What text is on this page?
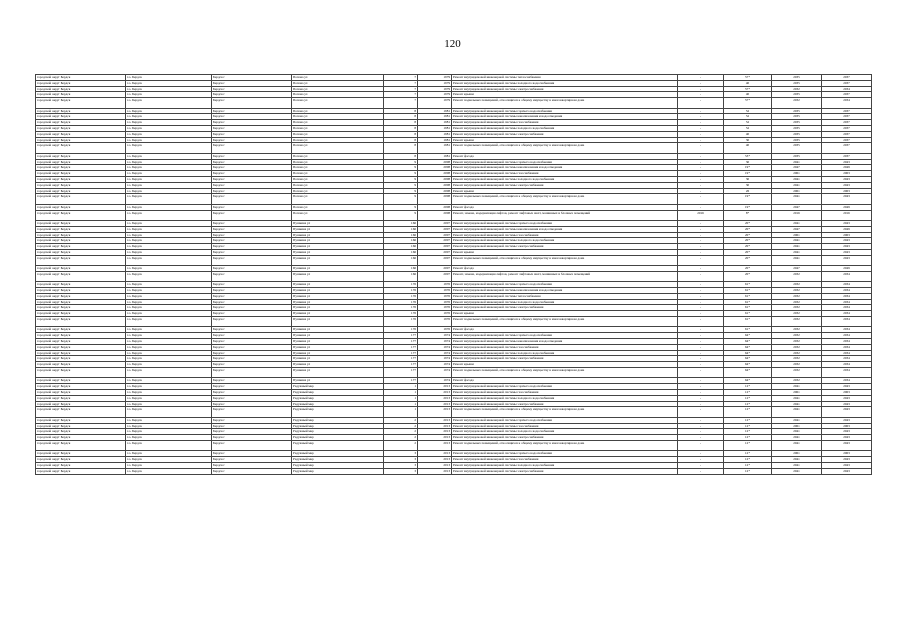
120
городской округ Бердск	г.о. Бердск	Бердск г	Попова ул	7	1979	Ремонт внутридомовой инженерной системы теплоснабжения	-	57*	2035	2037
городской округ Бердск	г.о. Бердск	Бердск г	Попова ул	7	1979	Ремонт внутридомовой инженерной системы холодного водоснабжения	-	40	2035	2037
городской округ Бердск	г.о. Бердск	Бердск г	Попова ул	7	1979	Ремонт внутридомовой инженерной системы электроснабжения	-	57*	2032	2034
городской округ Бердск	г.о. Бердск	Бердск г	Попова ул	7	1979	Ремонт крыши	-	40	2035	2037
городской округ Бердск	г.о. Бердск	Бердск г	Попова ул	7	1979	Ремонт подвальных помещений, относящихся к общему имуществу в многоквартирном доме	-	57*	2032	2034
городской округ Бердск	г.о. Бердск	Бердск г	Попова ул	8	1981	Ремонт внутридомовой инженерной системы горячего водоснабжения	-	52	2035	2037
городской округ Бердск	г.о. Бердск	Бердск г	Попова ул	8	1981	Ремонт внутридомовой инженерной системы канализования и водоотведения	-	52	2035	2037
городской округ Бердск	г.о. Бердск	Бердск г	Попова ул	8	1981	Ремонт внутридомовой инженерной системы газоснабжения	-	52	2035	2037
городской округ Бердск	г.о. Бердск	Бердск г	Попова ул	8	1981	Ремонт внутридомовой инженерной системы холодного водоснабжения	-	52	2035	2037
городской округ Бердск	г.о. Бердск	Бердск г	Попова ул	8	1981	Ремонт внутридомовой инженерной системы электроснабжения	-	40	2035	2037
городской округ Бердск	г.о. Бердск	Бердск г	Попова ул	8	1981	Ремонт крыши	-	30	2035	2037
городской округ Бердск	г.о. Бердск	Бердск г	Попова ул	8	1981	Ремонт подвальных помещений, относящихся к общему имуществу в многоквартирном доме	-	40	2035	2037
городской округ Бердск	г.о. Бердск	Бердск г	Попова ул	8	1981	Ремонт фасада	-	53*	2035	2037
городской округ Бердск	г.о. Бердск	Бердск г	Попова ул	9	2008	Ремонт внутридомовой инженерной системы горячего водоснабжения	-	30	2041	2043
городской округ Бердск	г.о. Бердск	Бердск г	Попова ул	9	2008	Ремонт внутридомовой инженерной системы канализования и водоотведения	-	19*	2047	2049
городской округ Бердск	г.о. Бердск	Бердск г	Попова ул	9	2008	Ремонт внутридомовой инженерной системы газоснабжения	-	19*	2061	2063
городской округ Бердск	г.о. Бердск	Бердск г	Попова ул	9	2008	Ремонт внутридомовой инженерной системы холодного водоснабжения	-	30	2041	2043
городской округ Бердск	г.о. Бердск	Бердск г	Попова ул	9	2008	Ремонт внутридомовой инженерной системы электроснабжения	-	30	2041	2043
городской округ Бердск	г.о. Бердск	Бердск г	Попова ул	9	2008	Ремонт крыши	-	26	2061	2063
городской округ Бердск	г.о. Бердск	Бердск г	Попова ул	9	2008	Ремонт подвальных помещений, относящихся к общему имуществу в многоквартирном доме	-	19*	2041	2043
городской округ Бердск	г.о. Бердск	Бердск г	Попова ул	9	2008	Ремонт фасада	-	19*	2047	2049
городской округ Бердск	г.о. Бердск	Бердск г	Попова ул	9	2008	Ремонт, замена, модернизация лифтов, ремонт лифтовых шахт, машинных и блочных помещений	2016	8*	2016	2016
городской округ Бердск	г.о. Бердск	Бердск г	Пушкина ул	166	2007	Ремонт внутридомовой инженерной системы горячего водоснабжения	-	20*	2041	2043
городской округ Бердск	г.о. Бердск	Бердск г	Пушкина ул	166	2007	Ремонт внутридомовой инженерной системы канализования и водоотведения	-	20*	2047	2049
городской округ Бердск	г.о. Бердск	Бердск г	Пушкина ул	166	2007	Ремонт внутридомовой инженерной системы газоснабжения	-	20*	2061	2063
городской округ Бердск	г.о. Бердск	Бердск г	Пушкина ул	166	2007	Ремонт внутридомовой инженерной системы холодного водоснабжения	-	20*	2041	2043
городской округ Бердск	г.о. Бердск	Бердск г	Пушкина ул	166	2007	Ремонт внутридомовой инженерной системы электроснабжения	-	20*	2041	2043
городской округ Бердск	г.о. Бердск	Бердск г	Пушкина ул	166	2007	Ремонт крыши	-	20*	2041	2043
городской округ Бердск	г.о. Бердск	Бердск г	Пушкина ул	166	2007	Ремонт подвальных помещений, относящихся к общему имуществу в многоквартирном доме	-	20*	2041	2043
городской округ Бердск	г.о. Бердск	Бердск г	Пушкина ул	166	2007	Ремонт фасада	-	20*	2047	2049
городской округ Бердск	г.о. Бердск	Бердск г	Пушкина ул	166	2007	Ремонт, замена, модернизация лифтов, ремонт лифтовых шахт, машинных и блочных помещений	-	20*	2032	2034
городской округ Бердск	г.о. Бердск	Бердск г	Пушкина ул	176	1976	Ремонт внутридомовой инженерной системы горячего водоснабжения	-	61*	2032	2034
городской округ Бердск	г.о. Бердск	Бердск г	Пушкина ул	176	1976	Ремонт внутридомовой инженерной системы канализования и водоотведения	-	61*	2032	2034
городской округ Бердск	г.о. Бердск	Бердск г	Пушкина ул	176	1976	Ремонт внутридомовой инженерной системы теплоснабжения	-	61*	2032	2034
городской округ Бердск	г.о. Бердск	Бердск г	Пушкина ул	176	1976	Ремонт внутридомовой инженерной системы холодного водоснабжения	-	61*	2032	2034
городской округ Бердск	г.о. Бердск	Бердск г	Пушкина ул	176	1976	Ремонт внутридомовой инженерной системы электроснабжения	-	61*	2032	2034
городской округ Бердск	г.о. Бердск	Бердск г	Пушкина ул	176	1976	Ремонт крыши	-	61*	2032	2034
городской округ Бердск	г.о. Бердск	Бердск г	Пушкина ул	176	1976	Ремонт подвальных помещений, относящихся к общему имуществу в многоквартирном доме	-	61*	2032	2034
городской округ Бердск	г.о. Бердск	Бердск г	Пушкина ул	176	1976	Ремонт фасада	-	61*	2032	2034
городской округ Бердск	г.о. Бердск	Бердск г	Пушкина ул	177	1974	Ремонт внутридомовой инженерной системы горячего водоснабжения	-	64*	2032	2034
городской округ Бердск	г.о. Бердск	Бердск г	Пушкина ул	177	1974	Ремонт внутридомовой инженерной системы канализования и водоотведения	-	64*	2032	2034
городской округ Бердск	г.о. Бердск	Бердск г	Пушкина ул	177	1974	Ремонт внутридомовой инженерной системы газоснабжения	-	64*	2032	2034
городской округ Бердск	г.о. Бердск	Бердск г	Пушкина ул	177	1974	Ремонт внутридомовой инженерной системы холодного водоснабжения	-	64*	2032	2034
городской округ Бердск	г.о. Бердск	Бердск г	Пушкина ул	177	1974	Ремонт внутридомовой инженерной системы электроснабжения	-	64*	2032	2034
городской округ Бердск	г.о. Бердск	Бердск г	Пушкина ул	177	1974	Ремонт крыши	-	64*	2032	2034
городской округ Бердск	г.о. Бердск	Бердск г	Пушкина ул	177	1974	Ремонт подвальных помещений, относящихся к общему имуществу в многоквартирном доме	-	64*	2032	2034
городской округ Бердск	г.о. Бердск	Бердск г	Пушкина ул	177	1974	Ремонт фасада	-	64*	2032	2034
городской округ Бердск	г.о. Бердск	Бердск г	Радужный мкр	1	2013	Ремонт внутридомовой инженерной системы горячего водоснабжения	-	12*	2041	2043
городской округ Бердск	г.о. Бердск	Бердск г	Радужный мкр	1	2013	Ремонт внутридомовой инженерной системы газоснабжения	-	12*	2061	2063
городской округ Бердск	г.о. Бердск	Бердск г	Радужный мкр	1	2013	Ремонт внутридомовой инженерной системы холодного водоснабжения	-	12*	2041	2043
городской округ Бердск	г.о. Бердск	Бердск г	Радужный мкр	1	2013	Ремонт внутридомовой инженерной системы электроснабжения	-	12*	2041	2043
городской округ Бердск	г.о. Бердск	Бердск г	Радужный мкр	1	2013	Ремонт подвальных помещений, относящихся к общему имуществу в многоквартирном доме	-	12*	2041	2043
городской округ Бердск	г.о. Бердск	Бердск г	Радужный мкр	2	2013	Ремонт внутридомовой инженерной системы горячего водоснабжения	-	12*	2041	2043
городской округ Бердск	г.о. Бердск	Бердск г	Радужный мкр	2	2013	Ремонт внутридомовой инженерной системы газоснабжения	-	12*	2061	2063
городской округ Бердск	г.о. Бердск	Бердск г	Радужный мкр	2	2013	Ремонт внутридомовой инженерной системы холодного водоснабжения	-	12*	2041	2043
городской округ Бердск	г.о. Бердск	Бердск г	Радужный мкр	2	2013	Ремонт внутридомовой инженерной системы электроснабжения	-	12*	2041	2043
городской округ Бердск	г.о. Бердск	Бердск г	Радужный мкр	2	2013	Ремонт подвальных помещений, относящихся к общему имуществу в многоквартирном доме	-	12*	2041	2043
городской округ Бердск	г.о. Бердск	Бердск г	Радужный мкр	3	2013	Ремонт внутридомовой инженерной системы горячего водоснабжения	-	12*	2061	2063
городской округ Бердск	г.о. Бердск	Бердск г	Радужный мкр	3	2013	Ремонт внутридомовой инженерной системы газоснабжения	-	12*	2041	2043
городской округ Бердск	г.о. Бердск	Бердск г	Радужный мкр	3	2013	Ремонт внутридомовой инженерной системы холодного водоснабжения	-	12*	2041	2043
городской округ Бердск	г.о. Бердск	Бердск г	Радужный мкр	3	2013	Ремонт внутридомовой инженерной системы электроснабжения	-	12*	2041	2043
